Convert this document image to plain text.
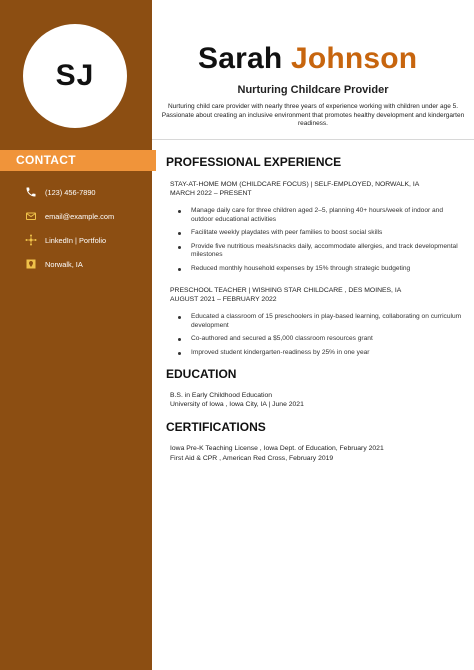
SJ
CONTACT
(123) 456-7890
email@example.com
LinkedIn | Portfolio
Norwalk, IA
Sarah Johnson
Nurturing Childcare Provider
Nurturing child care provider with nearly three years of experience working with children under age 5. Passionate about creating an inclusive environment that promotes healthy development and kindergarten readiness.
PROFESSIONAL EXPERIENCE
STAY-AT-HOME MOM (CHILDCARE FOCUS) | SELF-EMPLOYED, NORWALK, IA
MARCH 2022 – PRESENT
Manage daily care for three children aged 2–5, planning 40+ hours/week of indoor and outdoor educational activities
Facilitate weekly playdates with peer families to boost social skills
Provide five nutritious meals/snacks daily, accommodate allergies, and track developmental milestones
Reduced monthly household expenses by 15% through strategic budgeting
PRESCHOOL TEACHER | WISHING STAR CHILDCARE , DES MOINES, IA
AUGUST 2021 – FEBRUARY 2022
Educated a classroom of 15 preschoolers in play-based learning, collaborating on curriculum development
Co-authored and secured a $5,000 classroom resources grant
Improved student kindergarten-readiness by 25% in one year
EDUCATION
B.S. in Early Childhood Education
University of Iowa , Iowa City, IA | June 2021
CERTIFICATIONS
Iowa Pre-K Teaching License , Iowa Dept. of Education, February 2021
First Aid & CPR , American Red Cross, February 2019
